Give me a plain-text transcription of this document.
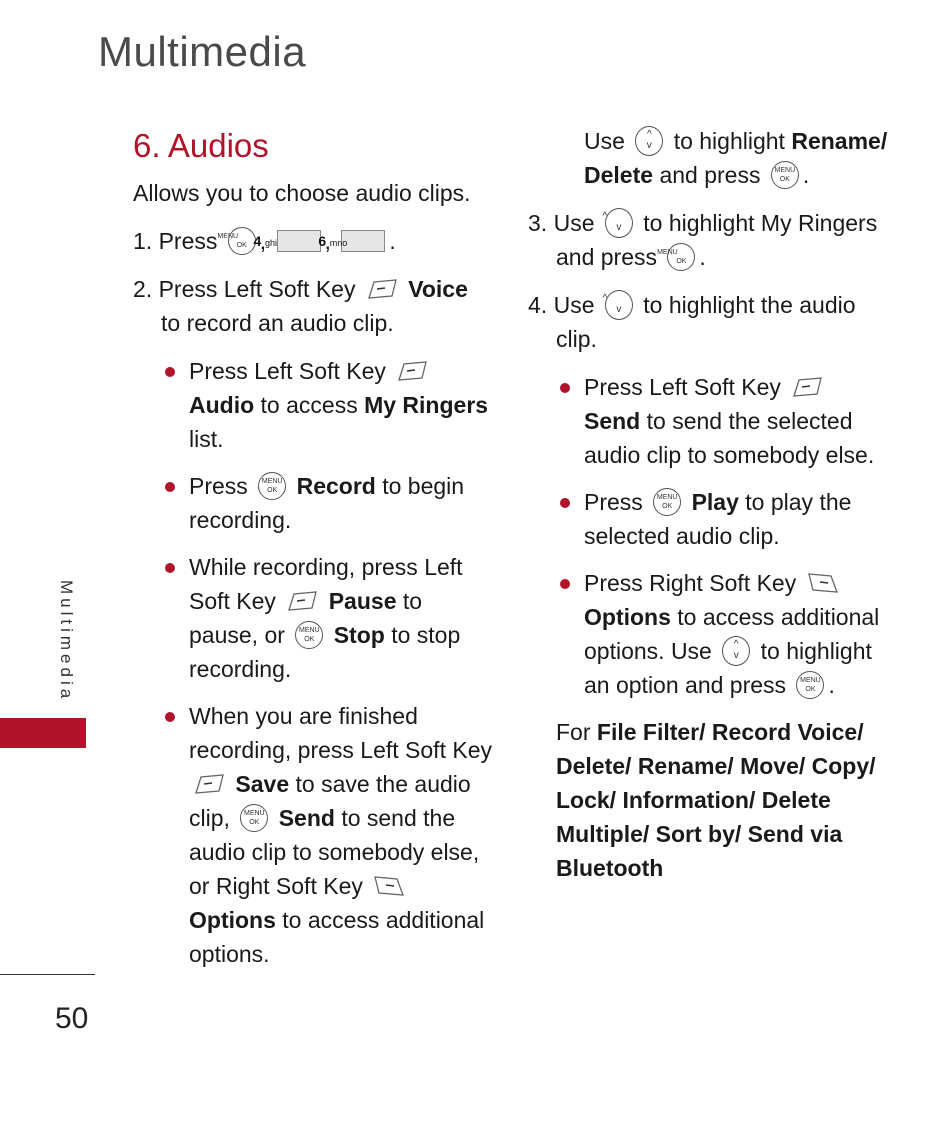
Multimedia
Multimedia
50
6. Audios

Allows you to choose audio clips.

1. Press MENU
OK 4 ghi	6 mno .

2. Press Left Soft Key Voice to record an audio clip.

Press Left Soft Key  Audio to access My Ringers list.
Press MENU
OK Record to begin recording.
While recording, press Left Soft Key Pause to pause, or MENU
OK Stop to stop recording.
When you are finished recording, press Left Soft Key  Save to save the audio clip, MENU
OK Send to send the audio clip to somebody else, or Right Soft Key  Options to access additional options.

Use ^
v to highlight Rename/ Delete and press MENU
OK .

3. Use ^
v to highlight My Ringers and press MENU
OK .

4. Use ^
v to highlight the audio clip.

Press Left Soft Key  Send to send the selected audio clip to somebody else.
Press MENU
OK Play to play the selected audio clip.
Press Right Soft Key  Options to access additional options. Use ^
v to highlight an option and press MENU
OK .

For File Filter/ Record Voice/ Delete/ Rename/ Move/ Copy/ Lock/ Information/ Delete Multiple/ Sort by/ Send via Bluetooth
